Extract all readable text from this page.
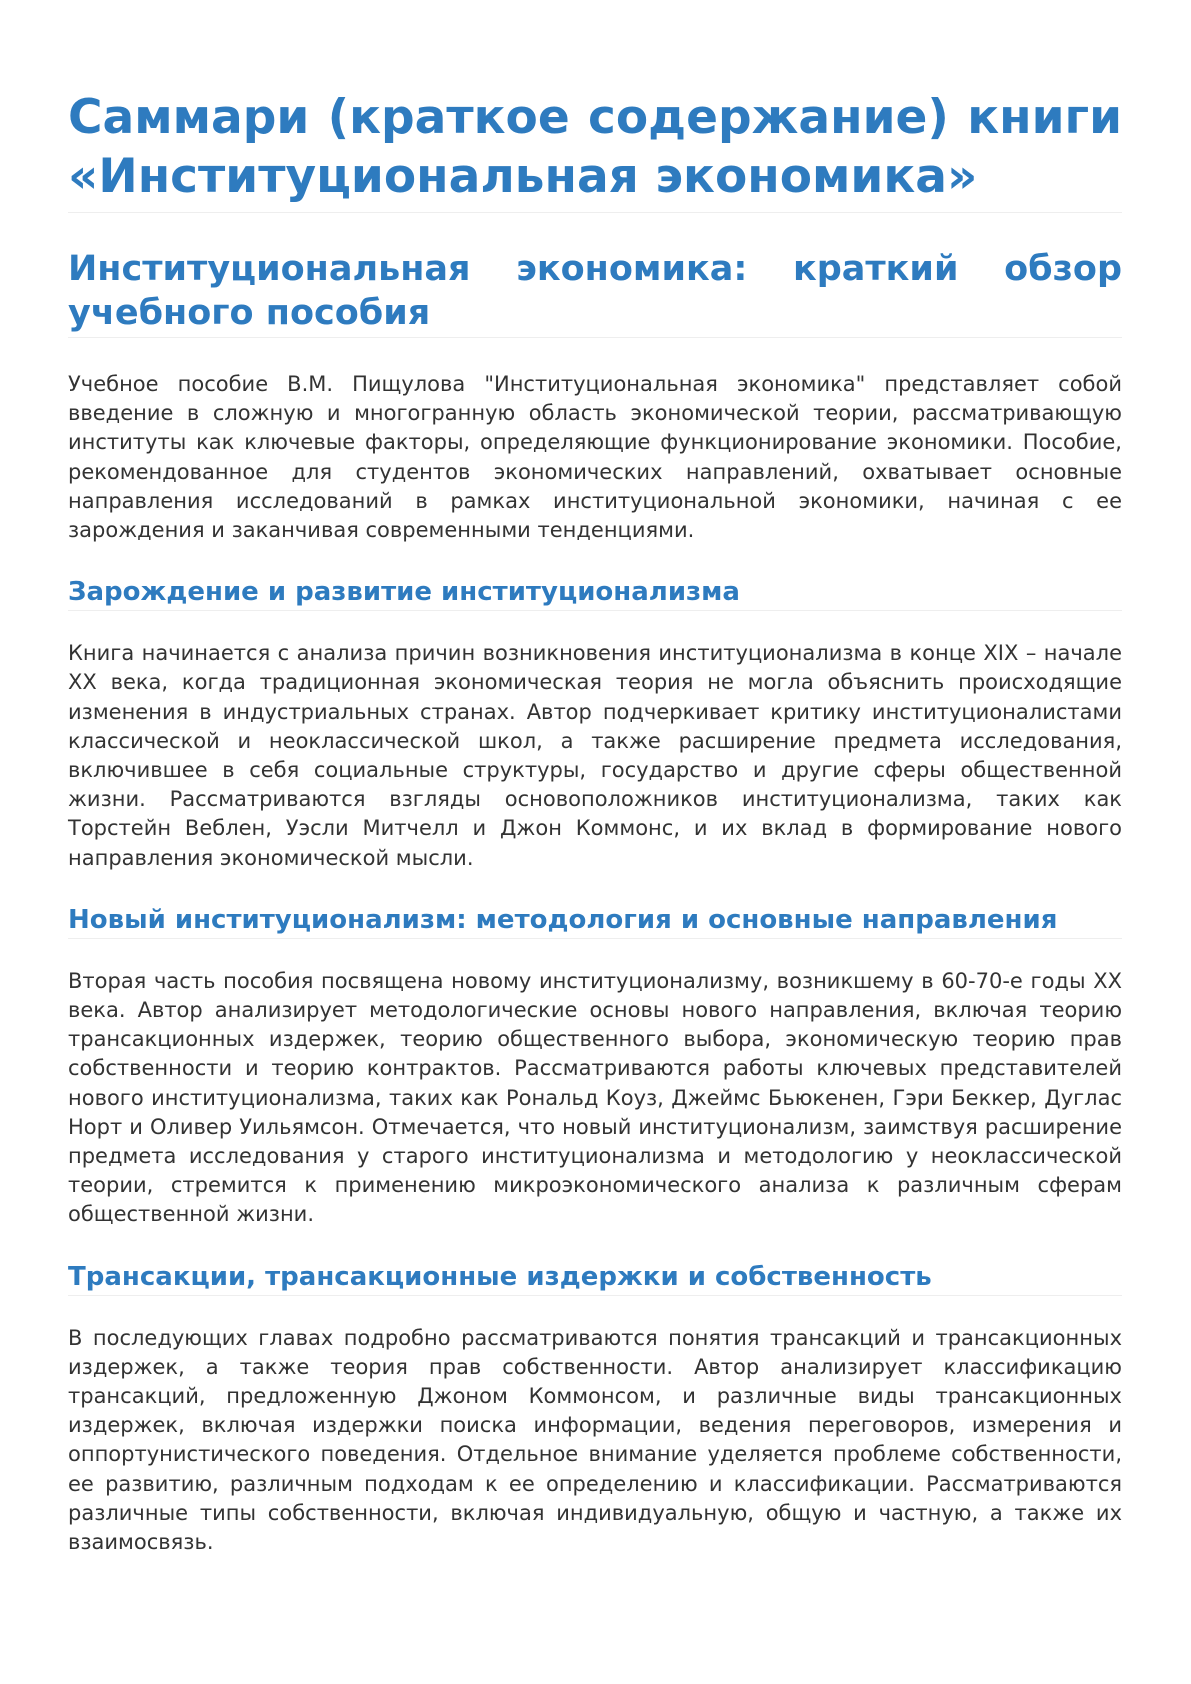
Саммари (краткое содержание) книги «Институциональная экономика»
Институциональная экономика: краткий обзор учебного пособия

Учебное пособие В.М. Пищулова "Институциональная экономика" представляет собой введение в сложную и многогранную область экономической теории, рассматривающую институты как ключевые факторы, определяющие функционирование экономики. Пособие, рекомендованное для студентов экономических направлений, охватывает основные направления исследований в рамках институциональной экономики, начиная с ее зарождения и заканчивая современными тенденциями.

Зарождение и развитие институционализма

Книга начинается с анализа причин возникновения институционализма в конце XIX – начале XX века, когда традиционная экономическая теория не могла объяснить происходящие изменения в индустриальных странах. Автор подчеркивает критику институционалистами классической и неоклассической школ, а также расширение предмета исследования, включившее в себя социальные структуры, государство и другие сферы общественной жизни. Рассматриваются взгляды основоположников институционализма, таких как Торстейн Веблен, Уэсли Митчелл и Джон Коммонс, и их вклад в формирование нового направления экономической мысли.

Новый институционализм: методология и основные направления

Вторая часть пособия посвящена новому институционализму, возникшему в 60-70-е годы XX века. Автор анализирует методологические основы нового направления, включая теорию трансакционных издержек, теорию общественного выбора, экономическую теорию прав собственности и теорию контрактов. Рассматриваются работы ключевых представителей нового институционализма, таких как Рональд Коуз, Джеймс Бьюкенен, Гэри Беккер, Дуглас Норт и Оливер Уильямсон. Отмечается, что новый институционализм, заимствуя расширение предмета исследования у старого институционализма и методологию у неоклассической теории, стремится к применению микроэкономического анализа к различным сферам общественной жизни.

Трансакции, трансакционные издержки и собственность

В последующих главах подробно рассматриваются понятия трансакций и трансакционных издержек, а также теория прав собственности. Автор анализирует классификацию трансакций, предложенную Джоном Коммонсом, и различные виды трансакционных издержек, включая издержки поиска информации, ведения переговоров, измерения и оппортунистического поведения. Отдельное внимание уделяется проблеме собственности, ее развитию, различным подходам к ее определению и классификации. Рассматриваются различные типы собственности, включая индивидуальную, общую и частную, а также их взаимосвязь.
